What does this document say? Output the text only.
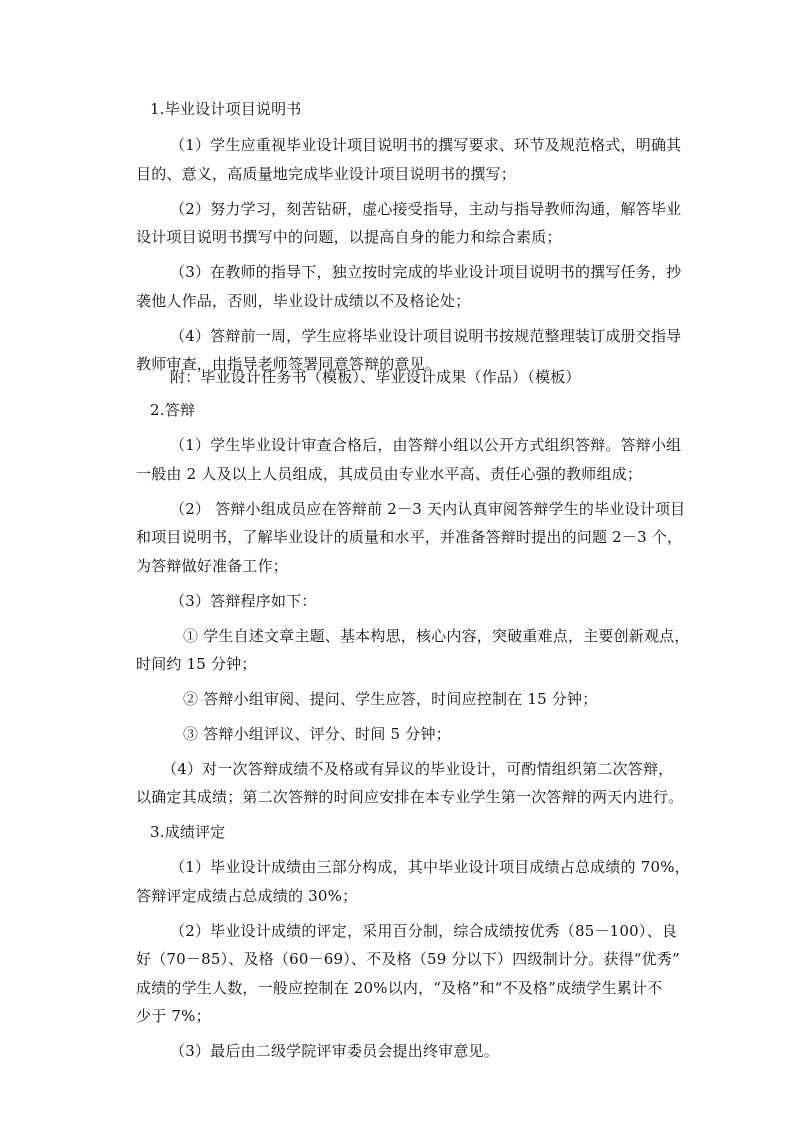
1.毕业设计项目说明书

（1）学生应重视毕业设计项目说明书的撰写要求、环节及规范格式，明确其

目的、意义，高质量地完成毕业设计项目说明书的撰写；

（2）努力学习，刻苦钻研，虚心接受指导，主动与指导教师沟通，解答毕业

设计项目说明书撰写中的问题，以提高自身的能力和综合素质；

（3）在教师的指导下，独立按时完成的毕业设计项目说明书的撰写任务，抄

袭他人作品，否则，毕业设计成绩以不及格论处；

（4）答辩前一周，学生应将毕业设计项目说明书按规范整理装订成册交指导

教师审查，由指导老师签署同意答辩的意见。

附：毕业设计任务书（模板）、毕业设计成果（作品）（模板）

2.答辩

（1）学生毕业设计审查合格后，由答辩小组以公开方式组织答辩。答辩小组

一般由 2 人及以上人员组成，其成员由专业水平高、责任心强的教师组成；

（2） 答辩小组成员应在答辩前 2－3 天内认真审阅答辩学生的毕业设计项目

和项目说明书，了解毕业设计的质量和水平，并准备答辩时提出的问题 2－3 个，

为答辩做好准备工作；

（3）答辩程序如下：

① 学生自述文章主题、基本构思，核心内容，突破重难点，主要创新观点，

时间约 15 分钟；

② 答辩小组审阅、提问、学生应答，时间应控制在 15 分钟；

③ 答辩小组评议、评分、时间 5 分钟；

（4）对一次答辩成绩不及格或有异议的毕业设计，可酌情组织第二次答辩，

以确定其成绩；第二次答辩的时间应安排在本专业学生第一次答辩的两天内进行。

3.成绩评定

（1）毕业设计成绩由三部分构成，其中毕业设计项目成绩占总成绩的 70%，

答辩评定成绩占总成绩的 30%；

（2）毕业设计成绩的评定，采用百分制，综合成绩按优秀（85－100）、良

好（70－85）、及格（60－69）、不及格（59 分以下）四级制计分。获得“优秀”

成绩的学生人数，一般应控制在 20%以内，“及格”和“不及格”成绩学生累计不

少于 7%；

（3）最后由二级学院评审委员会提出终审意见。
